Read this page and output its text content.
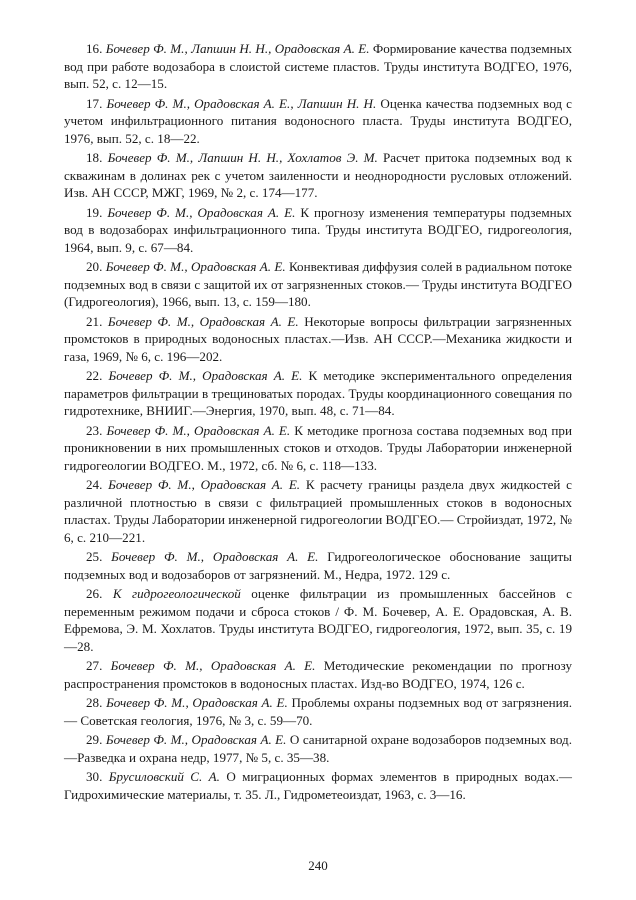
16. Бочевер Ф. М., Лапшин Н. Н., Орадовская А. Е. Формирование качества подземных вод при работе водозабора в слоистой системе пластов. Труды института ВОДГЕО, 1976, вып. 52, с. 12—15.

17. Бочевер Ф. М., Орадовская А. Е., Лапшин Н. Н. Оценка качества подземных вод с учетом инфильтрационного питания водоносного пласта. Труды института ВОДГЕО, 1976, вып. 52, с. 18—22.

18. Бочевер Ф. М., Лапшин Н. Н., Хохлатов Э. М. Расчет притока подземных вод к скважинам в долинах рек с учетом заиленности и неоднородности русловых отложений. Изв. АН СССР, МЖГ, 1969, № 2, с. 174—177.

19. Бочевер Ф. М., Орадовская А. Е. К прогнозу изменения температуры подземных вод в водозаборах инфильтрационного типа. Труды института ВОДГЕО, гидрогеология, 1964, вып. 9, с. 67—84.

20. Бочевер Ф. М., Орадовская А. Е. Конвективая диффузия солей в радиальном потоке подземных вод в связи с защитой их от загрязненных стоков.— Труды института ВОДГЕО (Гидрогеология), 1966, вып. 13, с. 159—180.

21. Бочевер Ф. М., Орадовская А. Е. Некоторые вопросы фильтрации загрязненных промстоков в природных водоносных пластах.—Изв. АН СССР.—Механика жидкости и газа, 1969, № 6, с. 196—202.

22. Бочевер Ф. М., Орадовская А. Е. К методике экспериментального определения параметров фильтрации в трещиноватых породах. Труды координационного совещания по гидротехнике, ВНИИГ.—Энергия, 1970, вып. 48, с. 71—84.

23. Бочевер Ф. М., Орадовская А. Е. К методике прогноза состава подземных вод при проникновении в них промышленных стоков и отходов. Труды Лаборатории инженерной гидрогеологии ВОДГЕО. М., 1972, сб. № 6, с. 118—133.

24. Бочевер Ф. М., Орадовская А. Е. К расчету границы раздела двух жидкостей с различной плотностью в связи с фильтрацией промышленных стоков в водоносных пластах. Труды Лаборатории инженерной гидрогеологии ВОДГЕО.— Стройиздат, 1972, № 6, с. 210—221.

25. Бочевер Ф. М., Орадовская А. Е. Гидрогеологическое обоснование защиты подземных вод и водозаборов от загрязнений. М., Недра, 1972. 129 с.

26. К гидрогеологической оценке фильтрации из промышленных бассейнов с переменным режимом подачи и сброса стоков / Ф. М. Бочевер, А. Е. Орадовская, А. В. Ефремова, Э. М. Хохлатов. Труды института ВОДГЕО, гидрогеология, 1972, вып. 35, с. 19—28.

27. Бочевер Ф. М., Орадовская А. Е. Методические рекомендации по прогнозу распространения промстоков в водоносных пластах. Изд-во ВОДГЕО, 1974, 126 с.

28. Бочевер Ф. М., Орадовская А. Е. Проблемы охраны подземных вод от загрязнения.— Советская геология, 1976, № 3, с. 59—70.

29. Бочевер Ф. М., Орадовская А. Е. О санитарной охране водозаборов подземных вод.—Разведка и охрана недр, 1977, № 5, с. 35—38.

30. Брусиловский С. А. О миграционных формах элементов в природных водах.— Гидрохимические материалы, т. 35. Л., Гидрометеоиздат, 1963, с. 3—16.

240
